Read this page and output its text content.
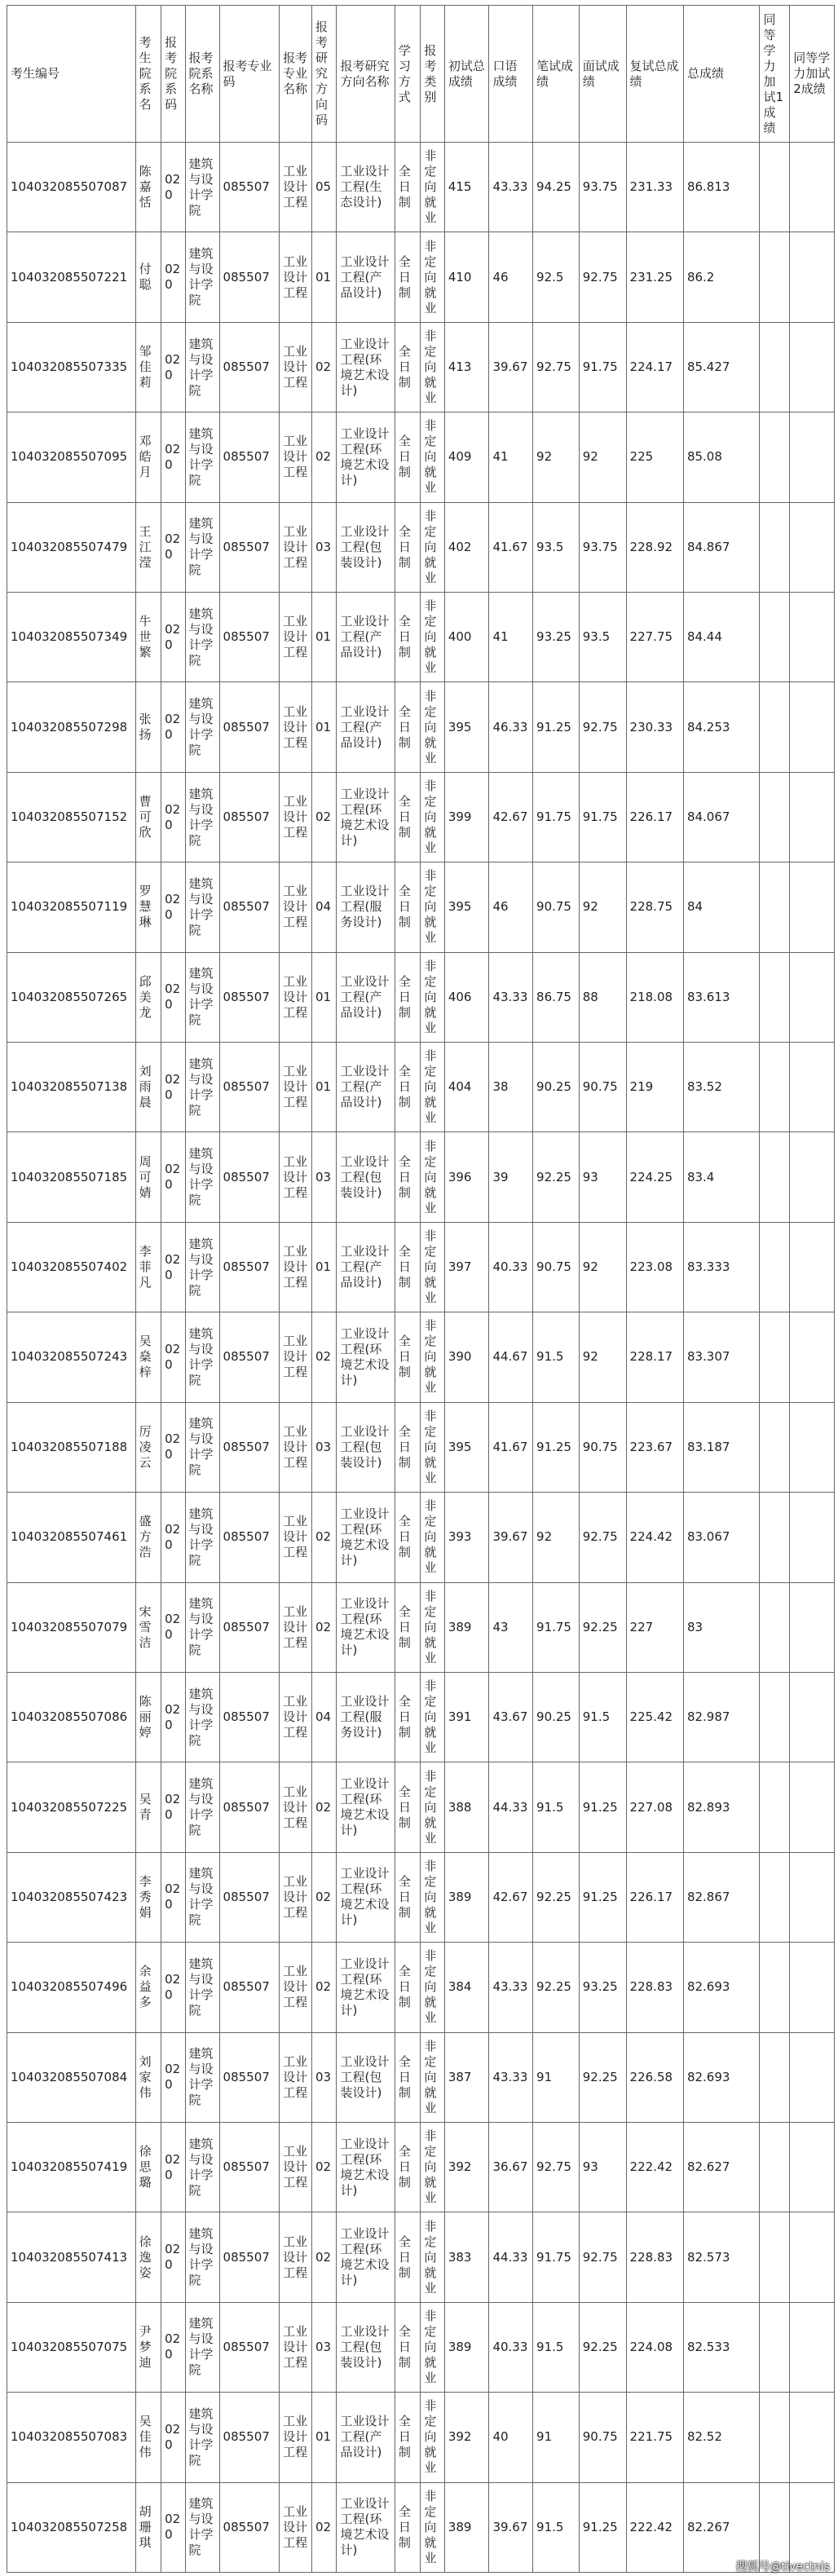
考生编号	考生院系名	报考院系码	报考院系名称	报考专业码	报考专业名称	报考研究方向码	报考研究方向名称	学习方式	报考类别	初试总成绩	口语成绩	笔试成绩	面试成绩	复试总成绩	总成绩	同等学力加试1成绩	同等学力加试2成绩
104032085507087	陈嘉恬	020	建筑与设计学院	085507	工业设计工程	05	工业设计工程(生态设计)	全日制	非定向就业	415	43.33	94.25	93.75	231.33	86.813		
104032085507221	付聪	020	建筑与设计学院	085507	工业设计工程	01	工业设计工程(产品设计)	全日制	非定向就业	410	46	92.5	92.75	231.25	86.2		
104032085507335	邹佳莉	020	建筑与设计学院	085507	工业设计工程	02	工业设计工程(环境艺术设计)	全日制	非定向就业	413	39.67	92.75	91.75	224.17	85.427		
104032085507095	邓皓月	020	建筑与设计学院	085507	工业设计工程	02	工业设计工程(环境艺术设计)	全日制	非定向就业	409	41	92	92	225	85.08		
104032085507479	王江滢	020	建筑与设计学院	085507	工业设计工程	03	工业设计工程(包装设计)	全日制	非定向就业	402	41.67	93.5	93.75	228.92	84.867		
104032085507349	牛世繁	020	建筑与设计学院	085507	工业设计工程	01	工业设计工程(产品设计)	全日制	非定向就业	400	41	93.25	93.5	227.75	84.44		
104032085507298	张扬	020	建筑与设计学院	085507	工业设计工程	01	工业设计工程(产品设计)	全日制	非定向就业	395	46.33	91.25	92.75	230.33	84.253		
104032085507152	曹可欣	020	建筑与设计学院	085507	工业设计工程	02	工业设计工程(环境艺术设计)	全日制	非定向就业	399	42.67	91.75	91.75	226.17	84.067		
104032085507119	罗慧琳	020	建筑与设计学院	085507	工业设计工程	04	工业设计工程(服务设计)	全日制	非定向就业	395	46	90.75	92	228.75	84		
104032085507265	邱美龙	020	建筑与设计学院	085507	工业设计工程	01	工业设计工程(产品设计)	全日制	非定向就业	406	43.33	86.75	88	218.08	83.613		
104032085507138	刘雨晨	020	建筑与设计学院	085507	工业设计工程	01	工业设计工程(产品设计)	全日制	非定向就业	404	38	90.25	90.75	219	83.52		
104032085507185	周可婧	020	建筑与设计学院	085507	工业设计工程	03	工业设计工程(包装设计)	全日制	非定向就业	396	39	92.25	93	224.25	83.4		
104032085507402	李菲凡	020	建筑与设计学院	085507	工业设计工程	01	工业设计工程(产品设计)	全日制	非定向就业	397	40.33	90.75	92	223.08	83.333		
104032085507243	吴燊梓	020	建筑与设计学院	085507	工业设计工程	02	工业设计工程(环境艺术设计)	全日制	非定向就业	390	44.67	91.5	92	228.17	83.307		
104032085507188	厉凌云	020	建筑与设计学院	085507	工业设计工程	03	工业设计工程(包装设计)	全日制	非定向就业	395	41.67	91.25	90.75	223.67	83.187		
104032085507461	盛方浩	020	建筑与设计学院	085507	工业设计工程	02	工业设计工程(环境艺术设计)	全日制	非定向就业	393	39.67	92	92.75	224.42	83.067		
104032085507079	宋雪洁	020	建筑与设计学院	085507	工业设计工程	02	工业设计工程(环境艺术设计)	全日制	非定向就业	389	43	91.75	92.25	227	83		
104032085507086	陈丽婷	020	建筑与设计学院	085507	工业设计工程	04	工业设计工程(服务设计)	全日制	非定向就业	391	43.67	90.25	91.5	225.42	82.987		
104032085507225	吴青	020	建筑与设计学院	085507	工业设计工程	02	工业设计工程(环境艺术设计)	全日制	非定向就业	388	44.33	91.5	91.25	227.08	82.893		
104032085507423	李秀娟	020	建筑与设计学院	085507	工业设计工程	02	工业设计工程(环境艺术设计)	全日制	非定向就业	389	42.67	92.25	91.25	226.17	82.867		
104032085507496	余益多	020	建筑与设计学院	085507	工业设计工程	02	工业设计工程(环境艺术设计)	全日制	非定向就业	384	43.33	92.25	93.25	228.83	82.693		
104032085507084	刘家伟	020	建筑与设计学院	085507	工业设计工程	03	工业设计工程(包装设计)	全日制	非定向就业	387	43.33	91	92.25	226.58	82.693		
104032085507419	徐思璐	020	建筑与设计学院	085507	工业设计工程	02	工业设计工程(环境艺术设计)	全日制	非定向就业	392	36.67	92.75	93	222.42	82.627		
104032085507413	徐逸姿	020	建筑与设计学院	085507	工业设计工程	02	工业设计工程(环境艺术设计)	全日制	非定向就业	383	44.33	91.75	92.75	228.83	82.573		
104032085507075	尹梦迪	020	建筑与设计学院	085507	工业设计工程	03	工业设计工程(包装设计)	全日制	非定向就业	389	40.33	91.5	92.25	224.08	82.533		
104032085507083	吴佳伟	020	建筑与设计学院	085507	工业设计工程	01	工业设计工程(产品设计)	全日制	非定向就业	392	40	91	90.75	221.75	82.52		
104032085507258	胡珊琪	020	建筑与设计学院	085507	工业设计工程	02	工业设计工程(环境艺术设计)	全日制	非定向就业	389	39.67	91.5	91.25	222.42	82.267		
搜狐号@tivectnis
